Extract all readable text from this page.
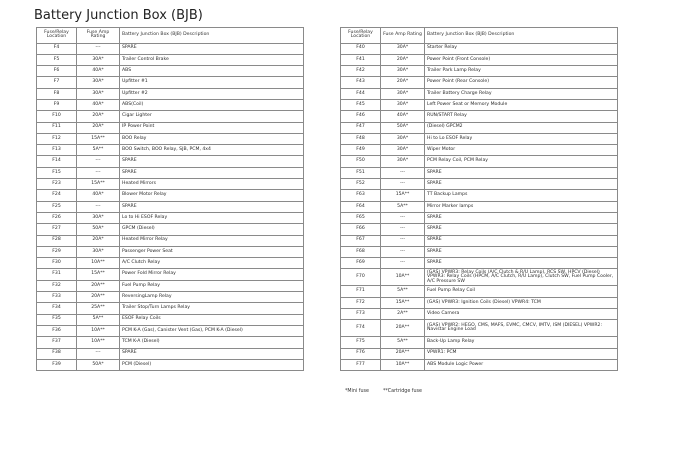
Battery Junction Box (BJB)
Fuse/Relay Location	Fuse Amp Rating	Battery Junction Box (BJB) Description
F4	---	SPARE
F5	30A*	Trailer Control Brake
F6	40A*	ABS
F7	30A*	Upfitter #1
F8	30A*	Upfitter #2
F9	40A*	ABS(Coil)
F10	20A*	Cigar Lighter
F11	20A*	IP Power Point
F12	15A**	BOO Relay
F13	5A**	BOO Switch, BOO Relay, SJB, PCM, 4x4
F14	---	SPARE
F15	---	SPARE
F23	15A**	Heated Mirrors
F24	40A*	Blower Motor Relay
F25	---	SPARE
F26	30A*	Lo to Hi ESOF Relay
F27	50A*	GPCM (Diesel)
F28	20A*	Heated Mirror Relay
F29	30A*	Passenger Power Seat
F30	10A**	A/C Clutch Relay
F31	15A**	Power Fold Mirror Relay
F32	20A**	Fuel Pump Relay
F33	20A**	ReversingLamp Relay
F34	25A**	Trailer Stop/Turn Lamps Relay
F35	5A**	ESOF Relay Coils
F36	10A**	PCM K-A (Gas), Canister Vent (Gas), PCM K-A (Diesel)
F37	10A**	TCM K-A (Diesel)
F38	---	SPARE
F39	50A*	PCM (Diesel)
Fuse/Relay Location	Fuse Amp Rating	Battery Junction Box (BJB) Description
F40	30A*	Starter Relay
F41	20A*	Power Point (Front Console)
F42	30A*	Trailer Park Lamp Relay
F43	20A*	Power Point (Rear Console)
F44	30A*	Trailer Battery Charge Relay
F45	30A*	Left Power Seat or Memory Module
F46	40A*	RUN/START Relay
F47	50A*	(Diesel) GPCM2
F48	30A*	Hi to Lo ESOF Relay
F49	30A*	Wiper Motor
F50	30A*	PCM Relay Coil, PCM Relay
F51	---	SPARE
F52	---	SPARE
F63	15A**	TT Backup Lamps
F64	5A**	Mirror Marker lamps
F65	---	SPARE
F66	---	SPARE
F67	---	SPARE
F68	---	SPARE
F69	---	SPARE
F70	10A**	(GAS) VPWR3: Relay Coils (A/C Clutch & R/U Lamp), RCS SW, HPCV (Diesel) VPWR3: Relay Coils (HPCM, A/C Clutch, R/U Lamp), Clutch SW, Fuel Pump Cooler, A/C Pressure SW
F71	5A**	Fuel Pump Relay Coil
F72	15A**	(GAS) VPWR3: Ignition Coils (Diesel) VPWR4: TCM
F73	2A**	Video Camera
F74	20A**	(GAS) VPWR2: HEGO, CMS, MAFS, EVMC, CMCV, IMTV, ISM (DIESEL) VPWR2: Navistar Engine Load
F75	5A**	Back-Up Lamp Relay
F76	20A**	VPWR1: PCM
F77	10A**	ABS Module Logic Power
*Mini fuse	**Cartridge fuse
